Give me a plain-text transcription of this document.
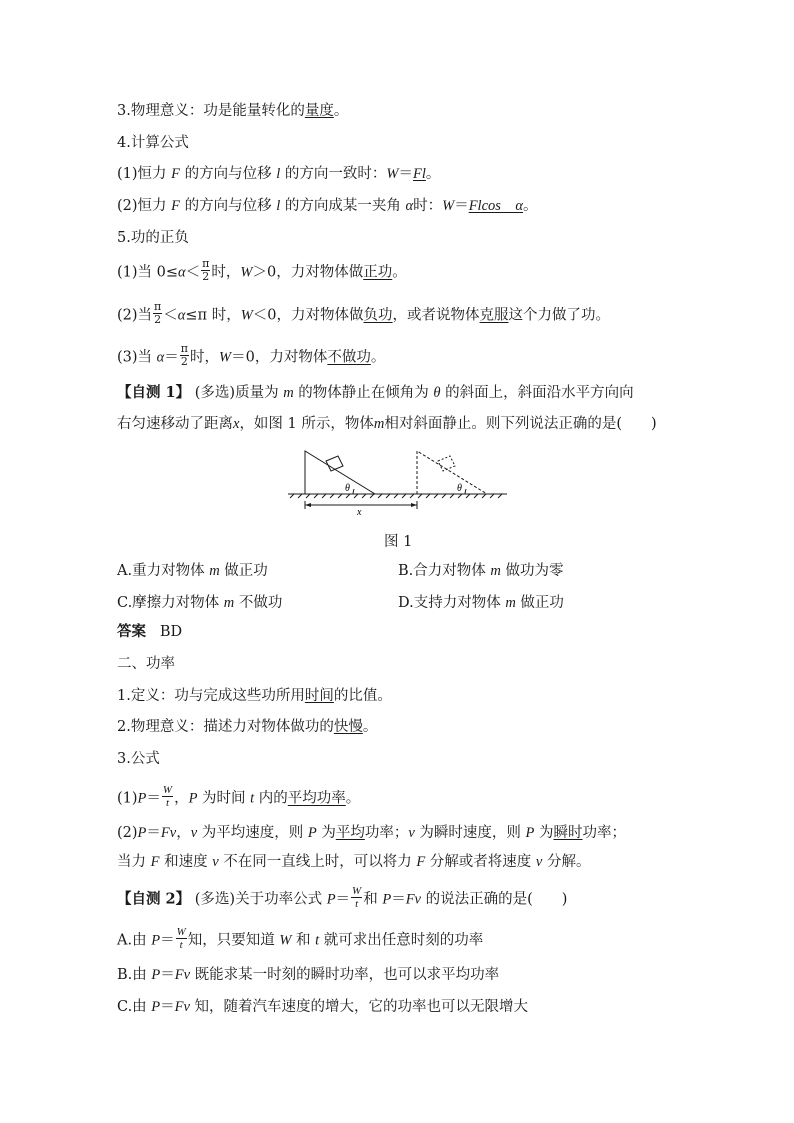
3.物理意义：功是能量转化的量度。
4.计算公式
(1)恒力 F 的方向与位移 l 的方向一致时：W＝Fl。
(2)恒力 F 的方向与位移 l 的方向成某一夹角 α时：W＝Flcos　α。
5.功的正负
(1)当 $0\le\alpha< \frac{\pi}{2}$ 时，W＞0，力对物体做正功。
(2)当 $\frac{\pi}{2} <\alpha\le\pi$ 时，W＜0，力对物体做负功，或者说物体克服这个力做了功。
(3)当 $\alpha= \frac{\pi}{2}$ 时，W＝0，力对物体不做功。
【自测 1】 (多选)质量为 m 的物体静止在倾角为 θ 的斜面上，斜面沿水平方向向
右匀速移动了距离x，如图 1 所示，物体m相对斜面静止。则下列说法正确的是(　　)
θ	θ
x
图 1
A.重力对物体 m 做正功	B.合力对物体 m 做功为零
C.摩擦力对物体 m 不做功	D.支持力对物体 m 做正功
答案 BD
二、功率
1.定义：功与完成这些功所用时间的比值。
2.物理意义：描述力对物体做功的快慢。
3.公式
$(1)P= \frac{W}{t}$ ，P 为时间 t 内的平均功率。
(2)P＝Fv，v 为平均速度，则 P 为平均功率；v 为瞬时速度，则 P 为瞬时功率；
当力 F 和速度 v 不在同一直线上时，可以将力 F 分解或者将速度 v 分解。
【自测 2】 (多选)关于功率公式 $P= \frac{W}{t}$ 和 P＝Fv 的说法正确的是(　　)
A.由 $P= \frac{W}{t}$ 知，只要知道 W 和 t 就可求出任意时刻的功率
B.由 P＝Fv 既能求某一时刻的瞬时功率，也可以求平均功率
C.由 P＝Fv 知，随着汽车速度的增大，它的功率也可以无限增大
